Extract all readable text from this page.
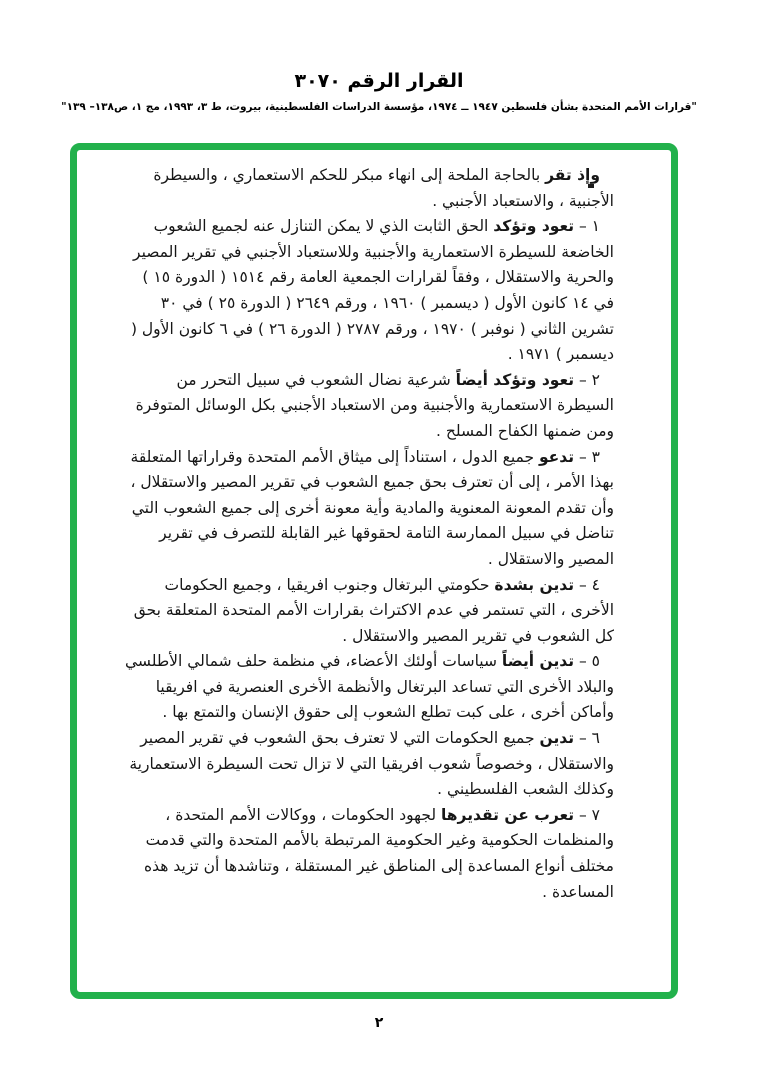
القرار الرقم ٣٠٧٠
"قرارات الأمم المتحدة بشأن فلسطين ١٩٤٧ ــ ١٩٧٤، مؤسسة الدراسات الفلسطينية، بيروت، ط ٣، ١٩٩٣، مج ١، ص١٣٨– ١٣٩"

وإذ تقر بالحاجة الملحة إلى انهاء مبكر للحكم الاستعماري ، والسيطرة الأجنبية ، والاستعباد الأجنبي .

١ – تعود وتؤكد الحق الثابت الذي لا يمكن التنازل عنه لجميع الشعوب الخاضعة للسيطرة الاستعمارية والأجنبية وللاستعباد الأجنبي في تقرير المصير والحرية والاستقلال ، وفقاً لقرارات الجمعية العامة رقم ١٥١٤ ( الدورة ١٥ ) في ١٤ كانون الأول ( ديسمبر ) ١٩٦٠ ، ورقم ٢٦٤٩ ( الدورة ٢٥ ) في ٣٠ تشرين الثاني ( نوفبر ) ١٩٧٠ ، ورقم ٢٧٨٧ ( الدورة ٢٦ ) في ٦ كانون الأول ( ديسمبر ) ١٩٧١ .

٢ – تعود وتؤكد أيضاً شرعية نضال الشعوب في سبيل التحرر من السيطرة الاستعمارية والأجنبية ومن الاستعباد الأجنبي بكل الوسائل المتوفرة ومن ضمنها الكفاح المسلح .

٣ – تدعو جميع الدول ، استناداً إلى ميثاق الأمم المتحدة وقراراتها المتعلقة بهذا الأمر ، إلى أن تعترف بحق جميع الشعوب في تقرير المصير والاستقلال ، وأن تقدم المعونة المعنوية والمادية وأية معونة أخرى إلى جميع الشعوب التي تناضل في سبيل الممارسة التامة لحقوقها غير القابلة للتصرف في تقرير المصير والاستقلال .

٤ – تدين بشدة حكومتي البرتغال وجنوب افريقيا ، وجميع الحكومات الأخرى ، التي تستمر في عدم الاكتراث بقرارات الأمم المتحدة المتعلقة بحق كل الشعوب في تقرير المصير والاستقلال .

٥ – تدين أيضاً سياسات أولئك الأعضاء، في منظمة حلف شمالي الأطلسي والبلاد الأخرى التي تساعد البرتغال والأنظمة الأخرى العنصرية في افريقيا وأماكن أخرى ، على كبت تطلع الشعوب إلى حقوق الإنسان والتمتع بها .

٦ – تدين جميع الحكومات التي لا تعترف بحق الشعوب في تقرير المصير والاستقلال ، وخصوصاً شعوب افريقيا التي لا تزال تحت السيطرة الاستعمارية وكذلك الشعب الفلسطيني .

٧ – تعرب عن تقديرها لجهود الحكومات ، ووكالات الأمم المتحدة ، والمنظمات الحكومية وغير الحكومية المرتبطة بالأمم المتحدة والتي قدمت مختلف أنواع المساعدة إلى المناطق غير المستقلة ، وتناشدها أن تزيد هذه المساعدة .

٢
